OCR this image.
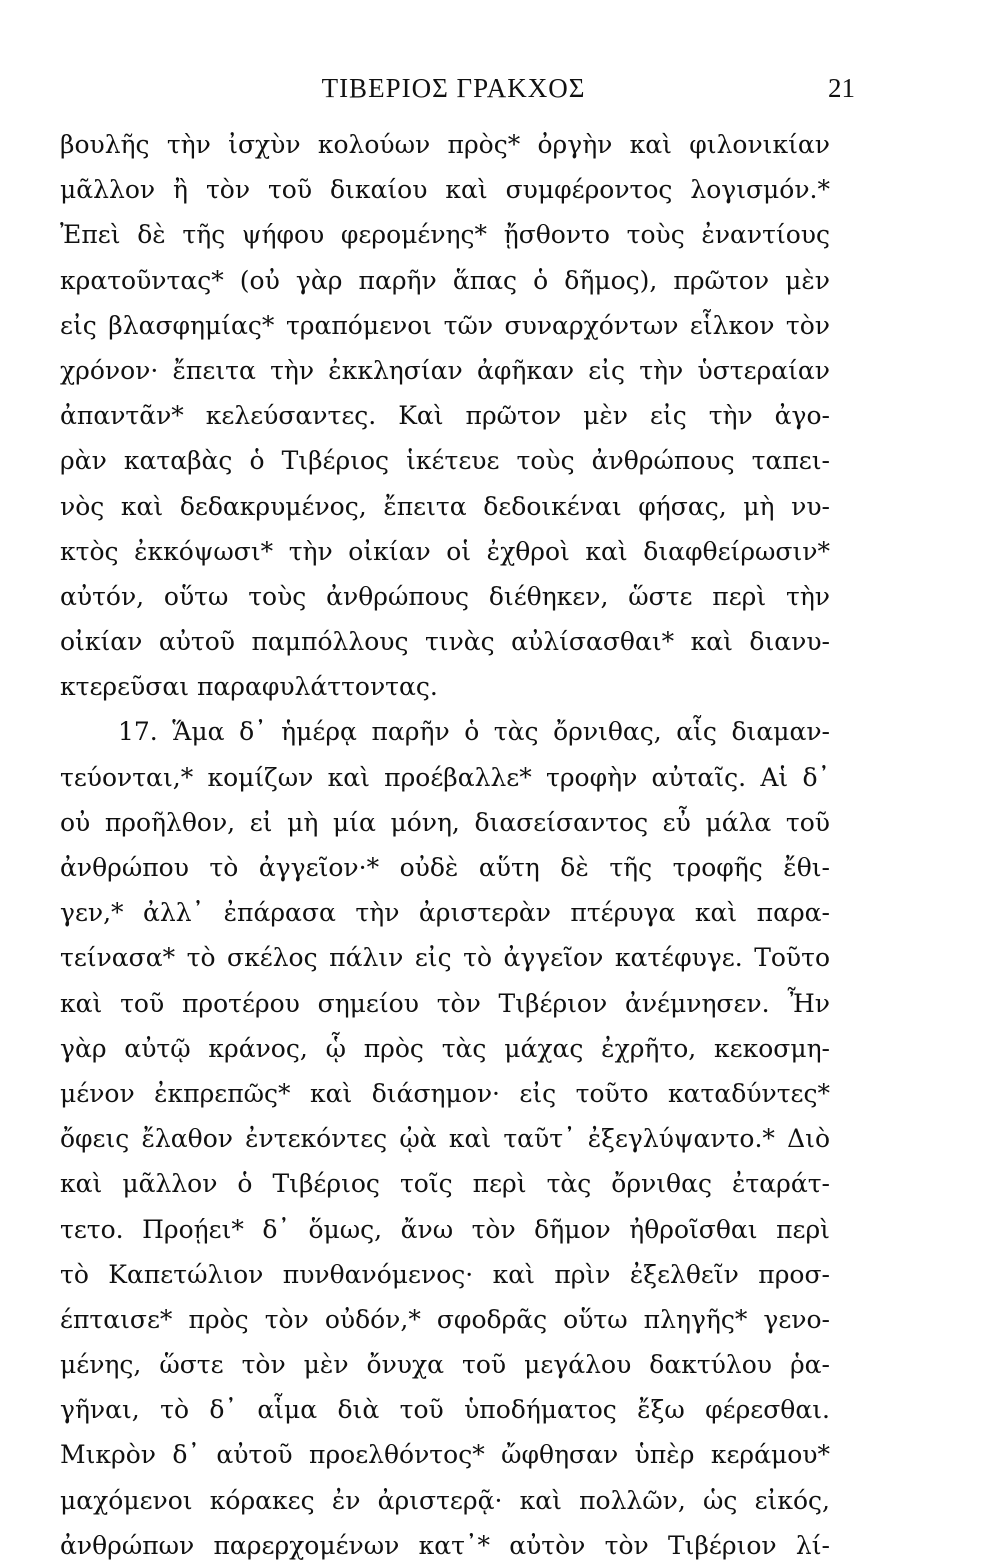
ΤΙΒΕΡΙΟΣ ΓΡΑΚΧΟΣ	21
βουλῆς τὴν ἰσχὺν κολούων πρὸς* ὀργὴν καὶ φιλονικίαν
μᾶλλον ἢ τὸν τοῦ δικαίου καὶ συμφέροντος λογισμόν.*
Ἐπεὶ δὲ τῆς ψήφου φερομένης* ᾔσθοντο τοὺς ἐναντίους
κρατοῦντας* (οὐ γὰρ παρῆν ἅπας ὁ δῆμος), πρῶτον μὲν
εἰς βλασφημίας* τραπόμενοι τῶν συναρχόντων εἷλκον τὸν
χρόνον· ἔπειτα τὴν ἐκκλησίαν ἀφῆκαν εἰς τὴν ὑστεραίαν
ἀπαντᾶν* κελεύσαντες. Καὶ πρῶτον μὲν εἰς τὴν ἀγο-
ρὰν καταβὰς ὁ Τιβέριος ἱκέτευε τοὺς ἀνθρώπους ταπει-
νὸς καὶ δεδακρυμένος, ἔπειτα δεδοικέναι φήσας, μὴ νυ-
κτὸς ἐκκόψωσι* τὴν οἰκίαν οἱ ἐχθροὶ καὶ διαφθείρωσιν*
αὐτόν, οὕτω τοὺς ἀνθρώπους διέθηκεν, ὥστε περὶ τὴν
οἰκίαν αὐτοῦ παμπόλλους τινὰς αὐλίσασθαι* καὶ διανυ-
κτερεῦσαι παραφυλάττοντας.
17. Ἅμα δ᾽ ἡμέρᾳ παρῆν ὁ τὰς ὄρνιθας, αἷς διαμαν-
τεύονται,* κομίζων καὶ προέβαλλε* τροφὴν αὐταῖς. Αἱ δ᾽
οὐ προῆλθον, εἰ μὴ μία μόνη, διασείσαντος εὖ μάλα τοῦ
ἀνθρώπου τὸ ἀγγεῖον·* οὐδὲ αὕτη δὲ τῆς τροφῆς ἔθι-
γεν,* ἀλλ᾽ ἐπάρασα τὴν ἀριστερὰν πτέρυγα καὶ παρα-
τείνασα* τὸ σκέλος πάλιν εἰς τὸ ἀγγεῖον κατέφυγε. Τοῦτο
καὶ τοῦ προτέρου σημείου τὸν Τιβέριον ἀνέμνησεν. Ἦν
γὰρ αὐτῷ κράνος, ᾧ πρὸς τὰς μάχας ἐχρῆτο, κεκοσμη-
μένον ἐκπρεπῶς* καὶ διάσημον· εἰς τοῦτο καταδύντες*
ὄφεις ἔλαθον ἐντεκόντες ᾠὰ καὶ ταῦτ᾽ ἐξεγλύψαντο.* Διὸ
καὶ μᾶλλον ὁ Τιβέριος τοῖς περὶ τὰς ὄρνιθας ἐταράτ-
τετο. Προῄει* δ᾽ ὅμως, ἄνω τὸν δῆμον ἠθροῖσθαι περὶ
τὸ Καπετώλιον πυνθανόμενος· καὶ πρὶν ἐξελθεῖν προσ-
έπταισε* πρὸς τὸν οὐδόν,* σφοδρᾶς οὕτω πληγῆς* γενο-
μένης, ὥστε τὸν μὲν ὄνυχα τοῦ μεγάλου δακτύλου ῥα-
γῆναι, τὸ δ᾽ αἷμα διὰ τοῦ ὑποδήματος ἔξω φέρεσθαι.
Μικρὸν δ᾽ αὐτοῦ προελθόντος* ὤφθησαν ὑπὲρ κεράμου*
μαχόμενοι κόρακες ἐν ἀριστερᾷ· καὶ πολλῶν, ὡς εἰκός,
ἀνθρώπων παρερχομένων κατ᾽* αὐτὸν τὸν Τιβέριον λί-
